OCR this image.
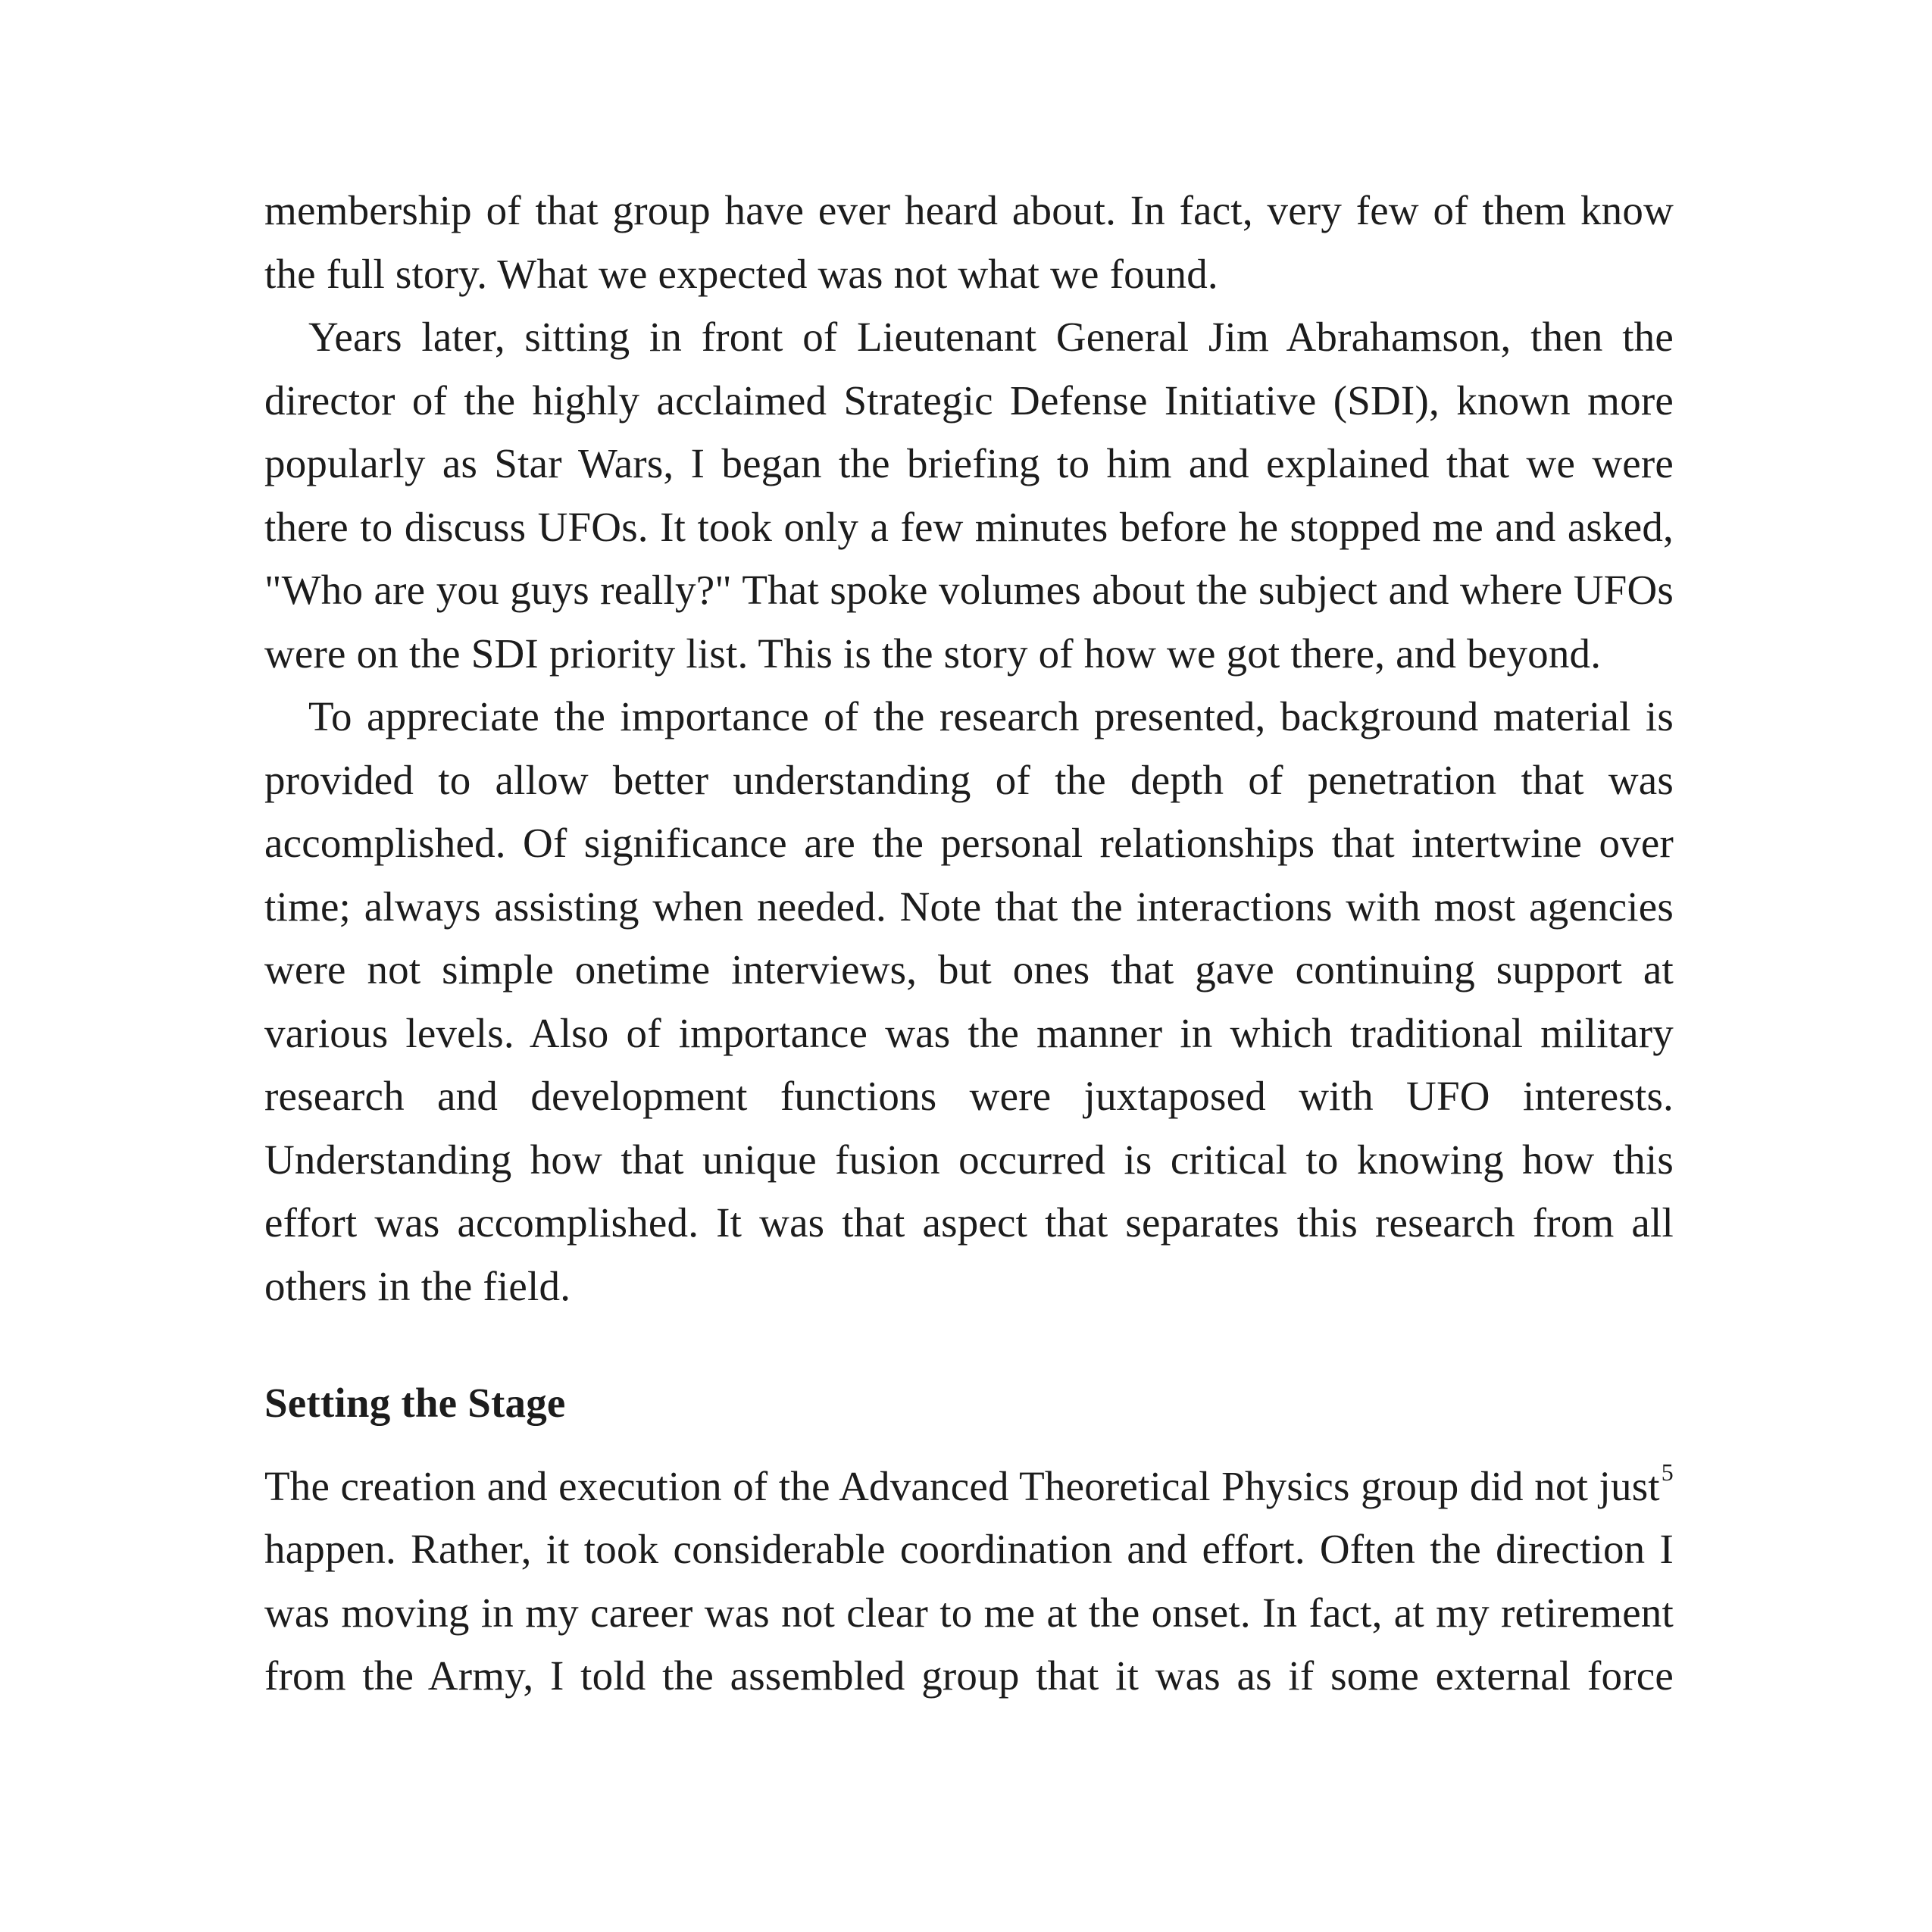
membership of that group have ever heard about. In fact, very few of them know the full story. What we expected was not what we found.

Years later, sitting in front of Lieutenant General Jim Abrahamson, then the director of the highly acclaimed Strategic Defense Initiative (SDI), known more popularly as Star Wars, I began the briefing to him and explained that we were there to discuss UFOs. It took only a few minutes before he stopped me and asked, "Who are you guys really?" That spoke volumes about the subject and where UFOs were on the SDI priority list. This is the story of how we got there, and beyond.

To appreciate the importance of the research presented, background material is provided to allow better understanding of the depth of penetration that was accomplished. Of significance are the personal relationships that intertwine over time; always assisting when needed. Note that the interactions with most agencies were not simple onetime interviews, but ones that gave continuing support at various levels. Also of importance was the manner in which traditional military research and development functions were juxtaposed with UFO interests. Understanding how that unique fusion occurred is critical to knowing how this effort was accomplished. It was that aspect that separates this research from all others in the field.

Setting the Stage

The creation and execution of the Advanced Theoretical Physics group did not just$^5$ happen. Rather, it took considerable coordination and effort. Often the direction I was moving in my career was not clear to me at the onset. In fact, at my retirement from the Army, I told the assembled group that it was as if some external force
